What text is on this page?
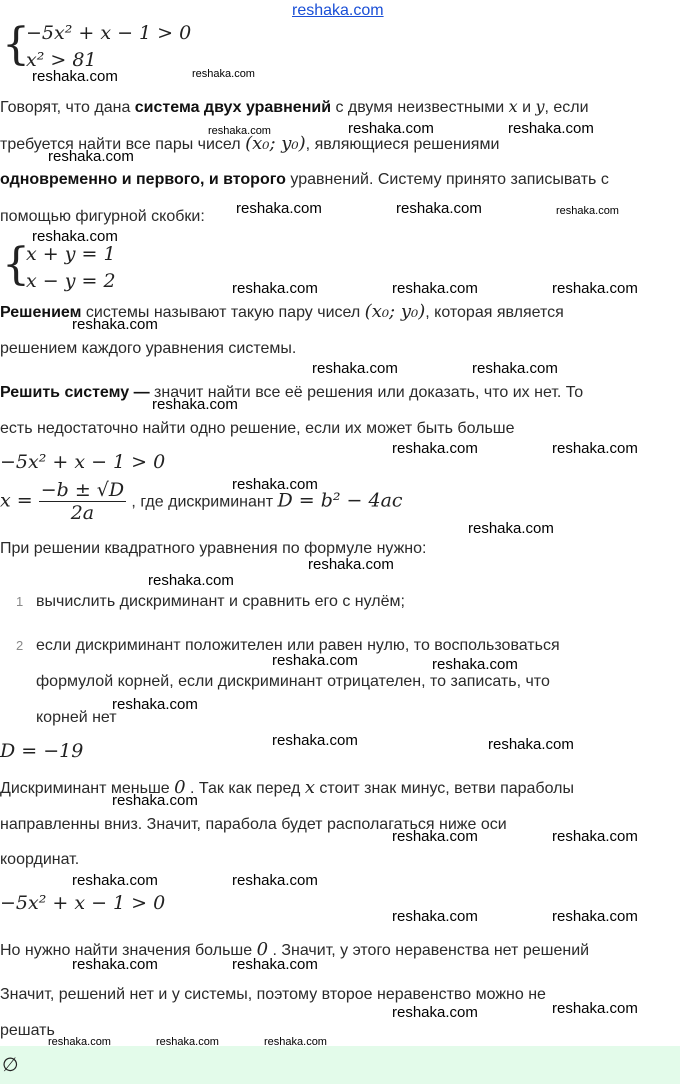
reshaka.com
{
−5x² + x − 1 > 0
x² > 81
Говорят, что дана система двух уравнений с двумя неизвестными x и y, если
требуется найти все пары чисел (x₀; y₀), являющиеся решениями
одновременно и первого, и второго уравнений. Систему принято записывать с
помощью фигурной скобки:
{
x + y = 1
x − y = 2
Решением системы называют такую пару чисел (x₀; y₀), которая является
решением каждого уравнения системы.
Решить систему — значит найти все её решения или доказать, что их нет. То
есть недостаточно найти одно решение, если их может быть больше
−5x² + x − 1 > 0
$x = \frac{-b \pm √D}{2a}$ , где дискриминант D = b² − 4ac
При решении квадратного уравнения по формуле нужно:
1 вычислить дискриминант и сравнить его с нулём;
2 если дискриминант положителен или равен нулю, то воспользоваться
формулой корней, если дискриминант отрицателен, то записать, что
корней нет
D = −19
Дискриминант меньше 0 . Так как перед x стоит знак минус, ветви параболы
направленны вниз. Значит, парабола будет располагаться ниже оси
координат.
−5x² + x − 1 > 0
Но нужно найти значения больше 0 . Значит, у этого неравенства нет решений
Значит, решений нет и у системы, поэтому второе неравенство можно не
решать
∅
reshaka.com	reshaka.com
reshaka.com	reshaka.com	reshaka.com
reshaka.com
reshaka.com	reshaka.com	reshaka.com
reshaka.com
reshaka.com	reshaka.com	reshaka.com
reshaka.com
reshaka.com	reshaka.com
reshaka.com
reshaka.com	reshaka.com
reshaka.com
reshaka.com
reshaka.com
reshaka.com
reshaka.com	reshaka.com
reshaka.com
reshaka.com	reshaka.com
reshaka.com
reshaka.com	reshaka.com
reshaka.com	reshaka.com
reshaka.com	reshaka.com
reshaka.com	reshaka.com
reshaka.com	reshaka.com
reshaka.com	reshaka.com	reshaka.com
